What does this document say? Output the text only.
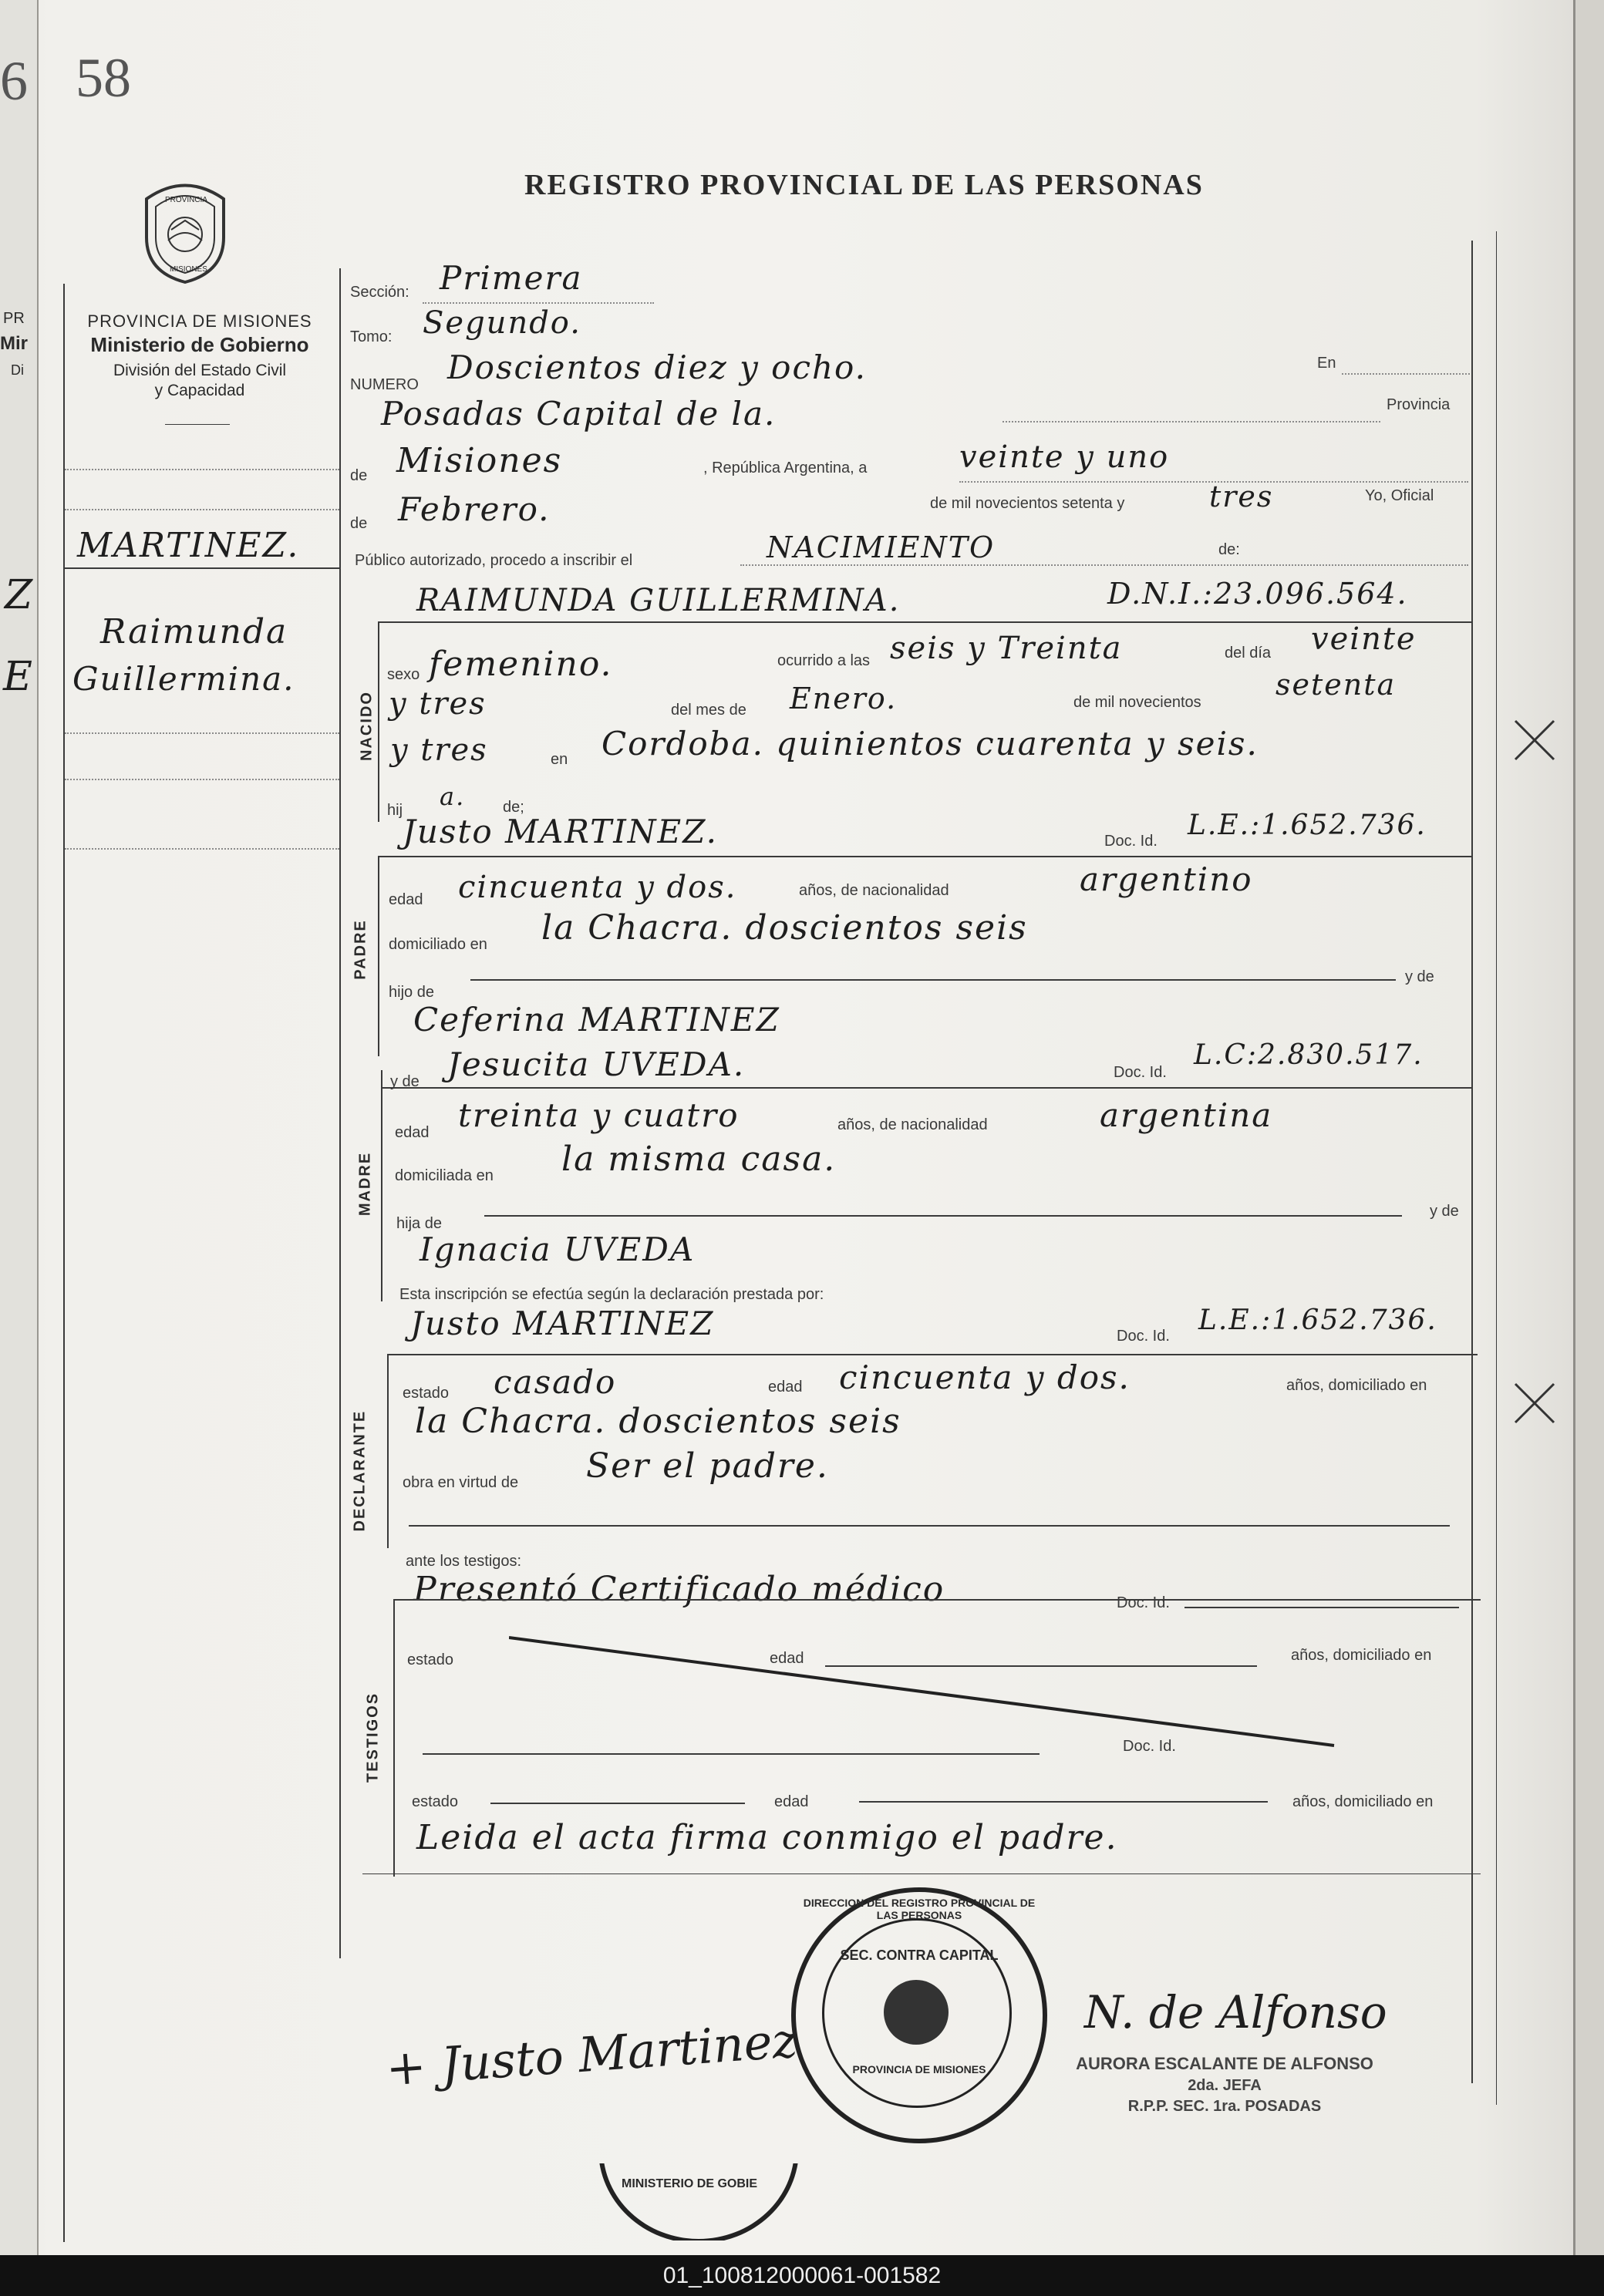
6 58
PR
Mir
Di
Z
E
REGISTRO PROVINCIAL DE LAS PERSONAS
PROVINCIA
MISIONES
PROVINCIA DE MISIONES
Ministerio de Gobierno
División del Estado Civil
y Capacidad
MARTINEZ.
Raimunda
Guillermina.
Sección: Primera
Tomo: Segundo.
NUMERO Doscientos diez y ocho.	En
Posadas Capital de la.	Provincia
de Misiones	, República Argentina, a	veinte y uno
de Febrero.	de mil novecientos setenta y	tres	Yo, Oficial
Público autorizado, procedo a inscribir el	NACIMIENTO	de:
RAIMUNDA GUILLERMINA.	D.N.I.:23.096.564.
NACIDO
sexo femenino.	ocurrido a las seis y Treinta	del día veinte
y tres	del mes de Enero.	de mil novecientos
setenta
y tres	en Cordoba. quinientos cuarenta y seis.
hij a. de;
Justo MARTINEZ.	Doc. Id. L.E.:1.652.736.
PADRE
edad cincuenta y dos.	años, de nacionalidad	argentino
domiciliado en la Chacra. doscientos seis
hijo de
y de
Ceferina MARTINEZ
y de Jesucita UVEDA.	Doc. Id.
L.C:2.830.517.
MADRE
edad treinta y cuatro	años, de nacionalidad	argentina
domiciliada en la misma casa.
hija de
y de
Ignacia UVEDA
Esta inscripción se efectúa según la declaración prestada por:
Justo MARTINEZ	Doc. Id. L.E.:1.652.736.
DECLARANTE
estado casado	edad cincuenta y dos.	años, domiciliado en
la Chacra. doscientos seis
obra en virtud de Ser el padre.
ante los testigos:
Presentó Certificado médico	Doc. Id.
TESTIGOS
estado	edad	años, domiciliado en
Doc. Id.
estado	edad	años, domiciliado en
Leida el acta firma conmigo el padre.
+ Justo Martinez
DIRECCION DEL REGISTRO PROVINCIAL DE LAS PERSONAS
SEC. CONTRA CAPITAL
PROVINCIA DE MISIONES
MINISTERIO DE GOBIE
N. de Alfonso
AURORA ESCALANTE DE ALFONSO
2da. JEFA
R.P.P. SEC. 1ra. POSADAS
01_100812000061-001582
